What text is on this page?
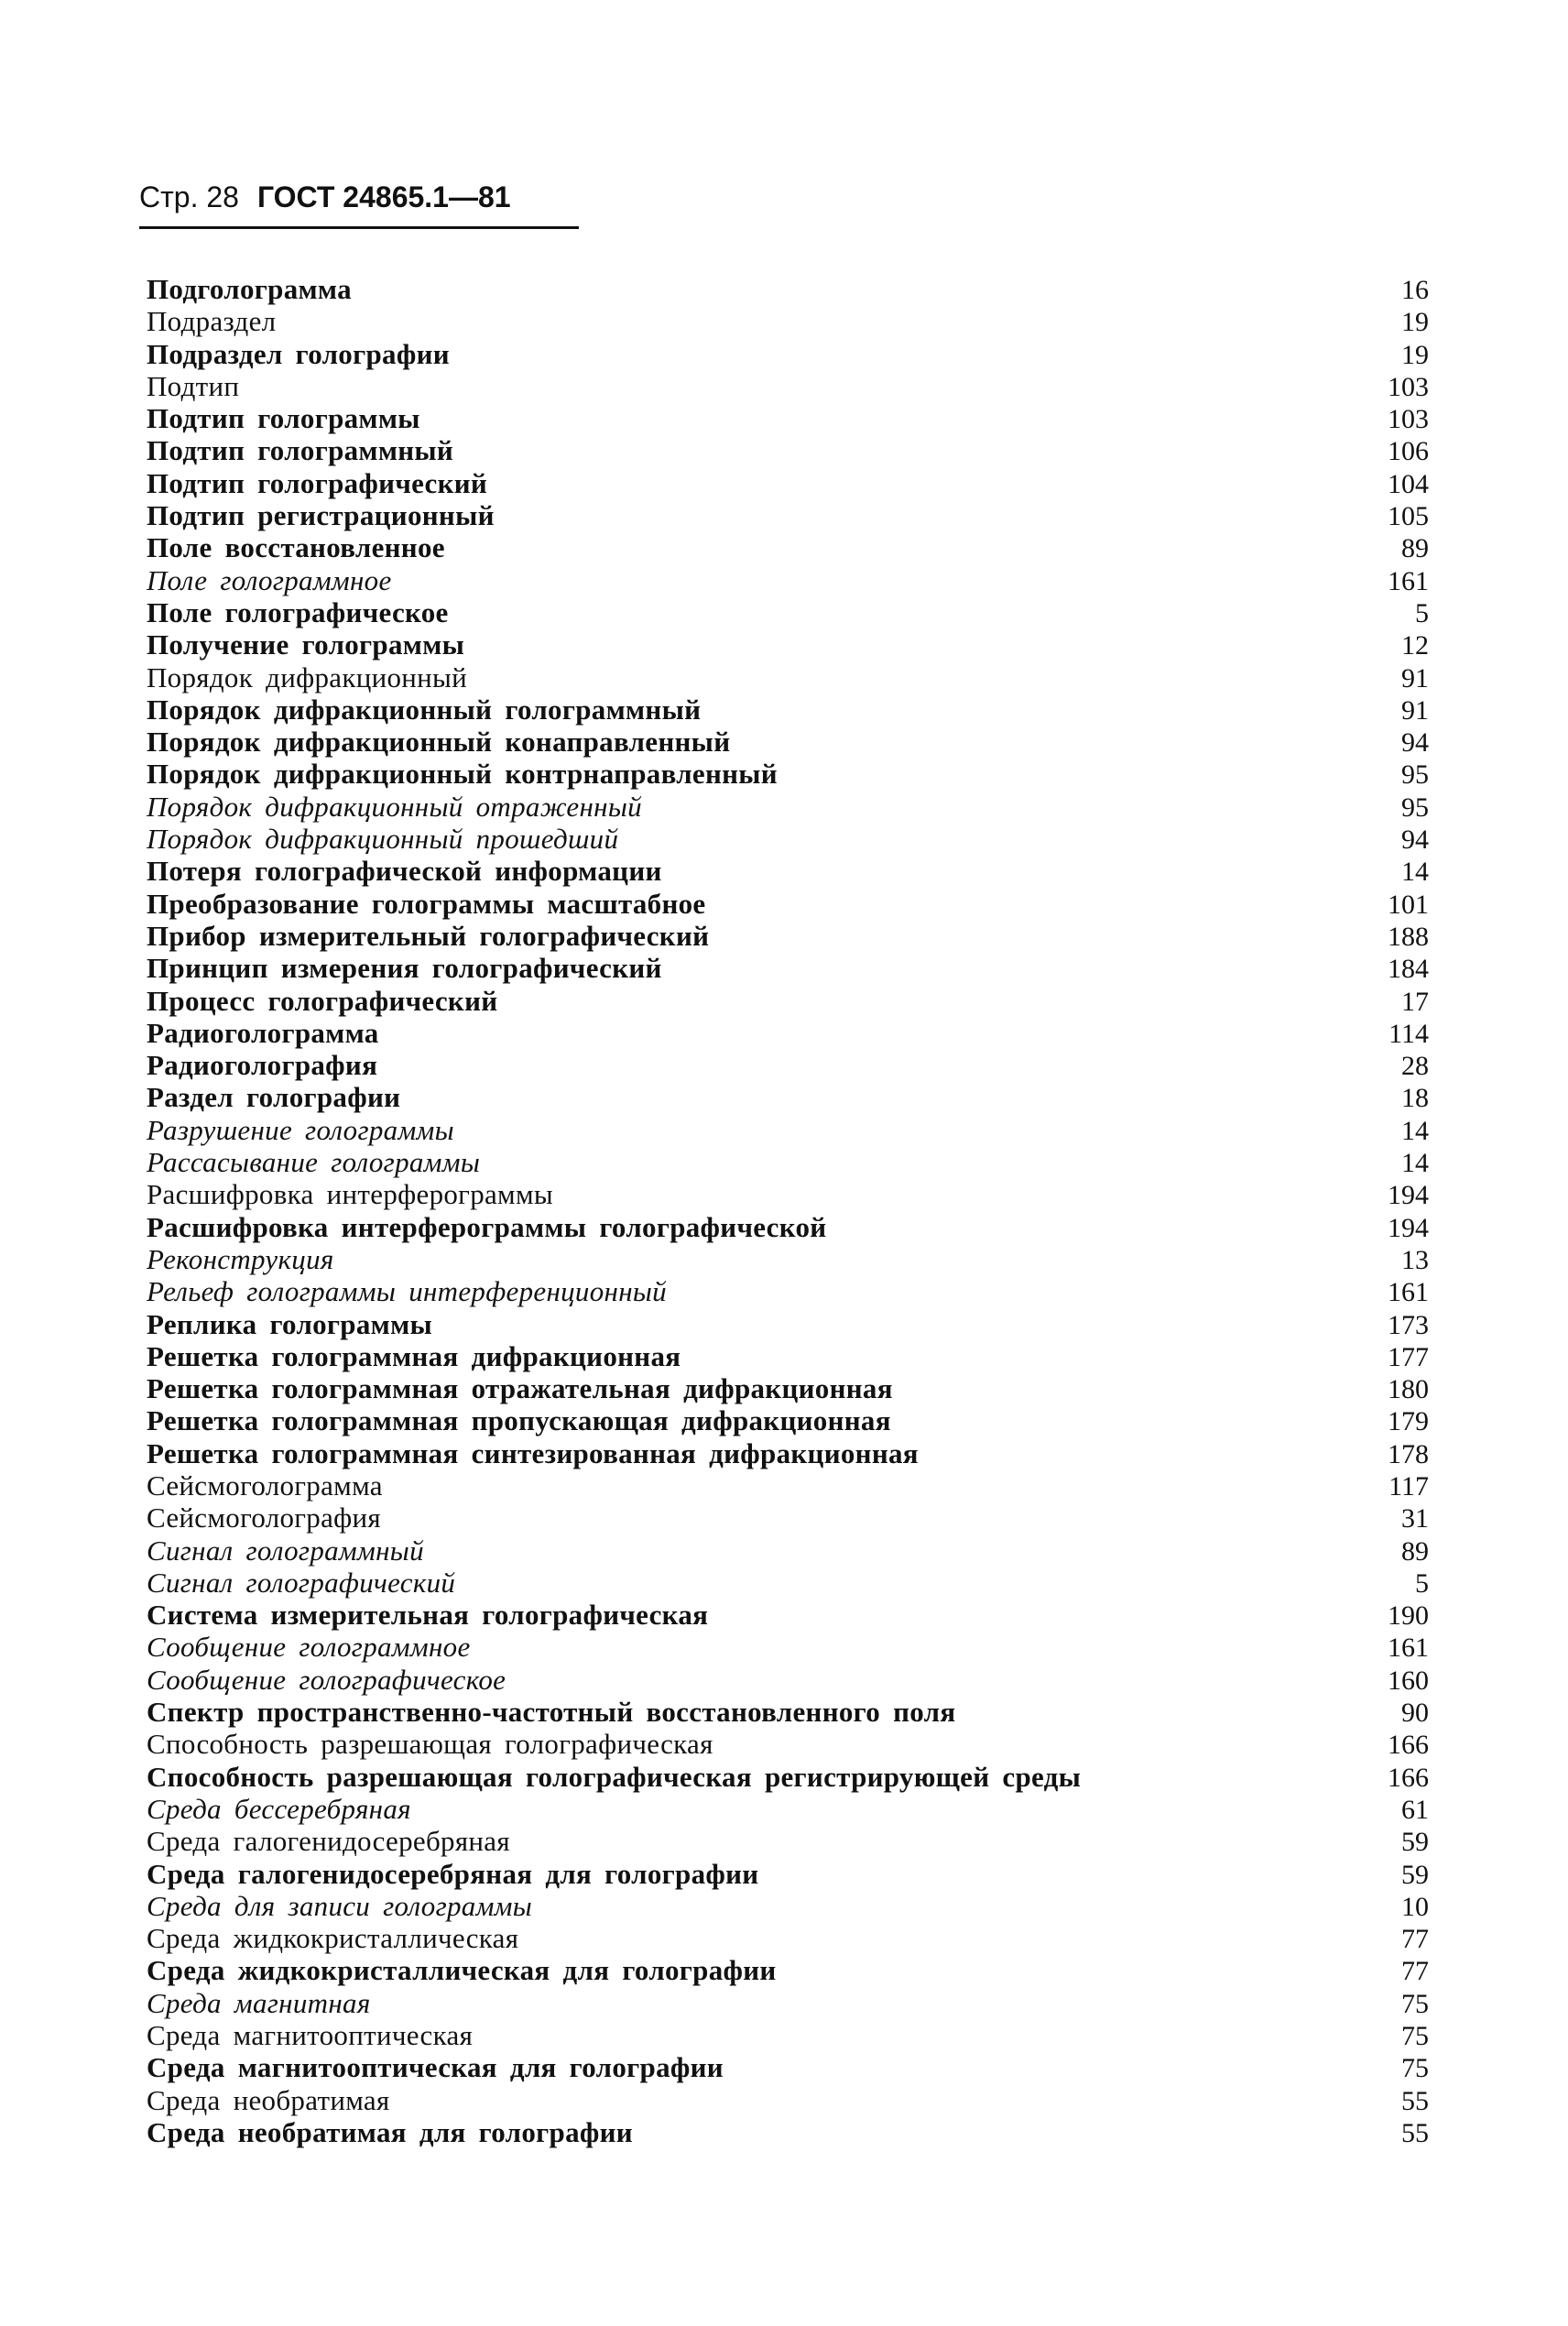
Стр. 28 ГОСТ 24865.1—81
Подголограмма	16
Подраздел	19
Подраздел голографии	19
Подтип	103
Подтип голограммы	103
Подтип голограммный	106
Подтип голографический	104
Подтип регистрационный	105
Поле восстановленное	89
Поле голограммное	161
Поле голографическое	5
Получение голограммы	12
Порядок дифракционный	91
Порядок дифракционный голограммный	91
Порядок дифракционный конаправленный	94
Порядок дифракционный контрнаправленный	95
Порядок дифракционный отраженный	95
Порядок дифракционный прошедший	94
Потеря голографической информации	14
Преобразование голограммы масштабное	101
Прибор измерительный голографический	188
Принцип измерения голографический	184
Процесс голографический	17
Радиоголограмма	114
Радиоголография	28
Раздел голографии	18
Разрушение голограммы	14
Рассасывание голограммы	14
Расшифровка интерферограммы	194
Расшифровка интерферограммы голографической	194
Реконструкция	13
Рельеф голограммы интерференционный	161
Реплика голограммы	173
Решетка голограммная дифракционная	177
Решетка голограммная отражательная дифракционная	180
Решетка голограммная пропускающая дифракционная	179
Решетка голограммная синтезированная дифракционная	178
Сейсмоголограмма	117
Сейсмоголография	31
Сигнал голограммный	89
Сигнал голографический	5
Система измерительная голографическая	190
Сообщение голограммное	161
Сообщение голографическое	160
Спектр пространственно-частотный восстановленного поля	90
Способность разрешающая голографическая	166
Способность разрешающая голографическая регистрирующей среды	166
Среда бессеребряная	61
Среда галогенидосеребряная	59
Среда галогенидосеребряная для голографии	59
Среда для записи голограммы	10
Среда жидкокристаллическая	77
Среда жидкокристаллическая для голографии	77
Среда магнитная	75
Среда магнитооптическая	75
Среда магнитооптическая для голографии	75
Среда необратимая	55
Среда необратимая для голографии	55
